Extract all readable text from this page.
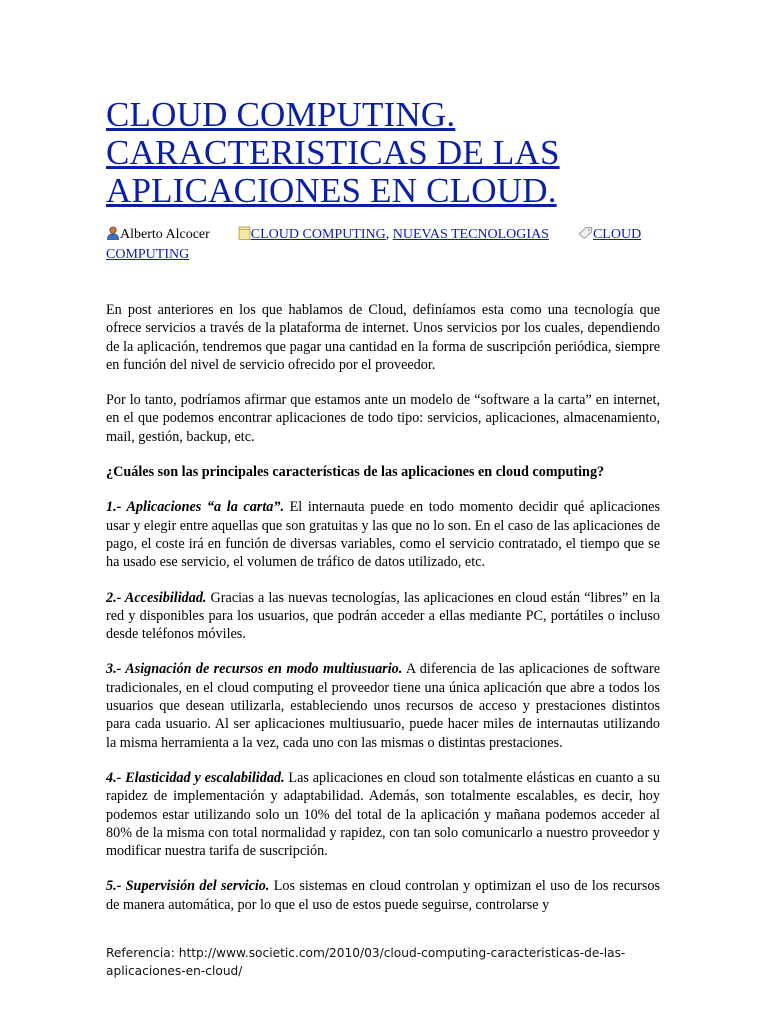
CLOUD COMPUTING.
CARACTERISTICAS DE LAS
APLICACIONES EN CLOUD.
Alberto Alcocer	CLOUD COMPUTING, NUEVAS TECNOLOGIAS	CLOUD COMPUTING

En post anteriores en los que hablamos de Cloud, definíamos esta como una tecnología que ofrece servicios a través de la plataforma de internet. Unos servicios por los cuales, dependiendo de la aplicación, tendremos que pagar una cantidad en la forma de suscripción periódica, siempre en función del nivel de servicio ofrecido por el proveedor.

Por lo tanto, podríamos afirmar que estamos ante un modelo de “software a la carta” en internet, en el que podemos encontrar aplicaciones de todo tipo: servicios, aplicaciones, almacenamiento, mail, gestión, backup, etc.

¿Cuáles son las principales características de las aplicaciones en cloud computing?

1.- Aplicaciones “a la carta”. El internauta puede en todo momento decidir qué aplicaciones usar y elegir entre aquellas que son gratuitas y las que no lo son. En el caso de las aplicaciones de pago, el coste irá en función de diversas variables, como el servicio contratado, el tiempo que se ha usado ese servicio, el volumen de tráfico de datos utilizado, etc.

2.- Accesibilidad. Gracias a las nuevas tecnologías, las aplicaciones en cloud están “libres” en la red y disponibles para los usuarios, que podrán acceder a ellas mediante PC, portátiles o incluso desde teléfonos móviles.

3.- Asignación de recursos en modo multiusuario. A diferencia de las aplicaciones de software tradicionales, en el cloud computing el proveedor tiene una única aplicación que abre a todos los usuarios que desean utilizarla, estableciendo unos recursos de acceso y prestaciones distintos para cada usuario. Al ser aplicaciones multiusuario, puede hacer miles de internautas utilizando la misma herramienta a la vez, cada uno con las mismas o distintas prestaciones.

4.- Elasticidad y escalabilidad. Las aplicaciones en cloud son totalmente elásticas en cuanto a su rapidez de implementación y adaptabilidad. Además, son totalmente escalables, es decir, hoy podemos estar utilizando solo un 10% del total de la aplicación y mañana podemos acceder al 80% de la misma con total normalidad y rapidez, con tan solo comunicarlo a nuestro proveedor y modificar nuestra tarifa de suscripción.

5.- Supervisión del servicio. Los sistemas en cloud controlan y optimizan el uso de los recursos de manera automática, por lo que el uso de estos puede seguirse, controlarse y

Referencia: http://www.societic.com/2010/03/cloud-computing-caracteristicas-de-las-
aplicaciones-en-cloud/
